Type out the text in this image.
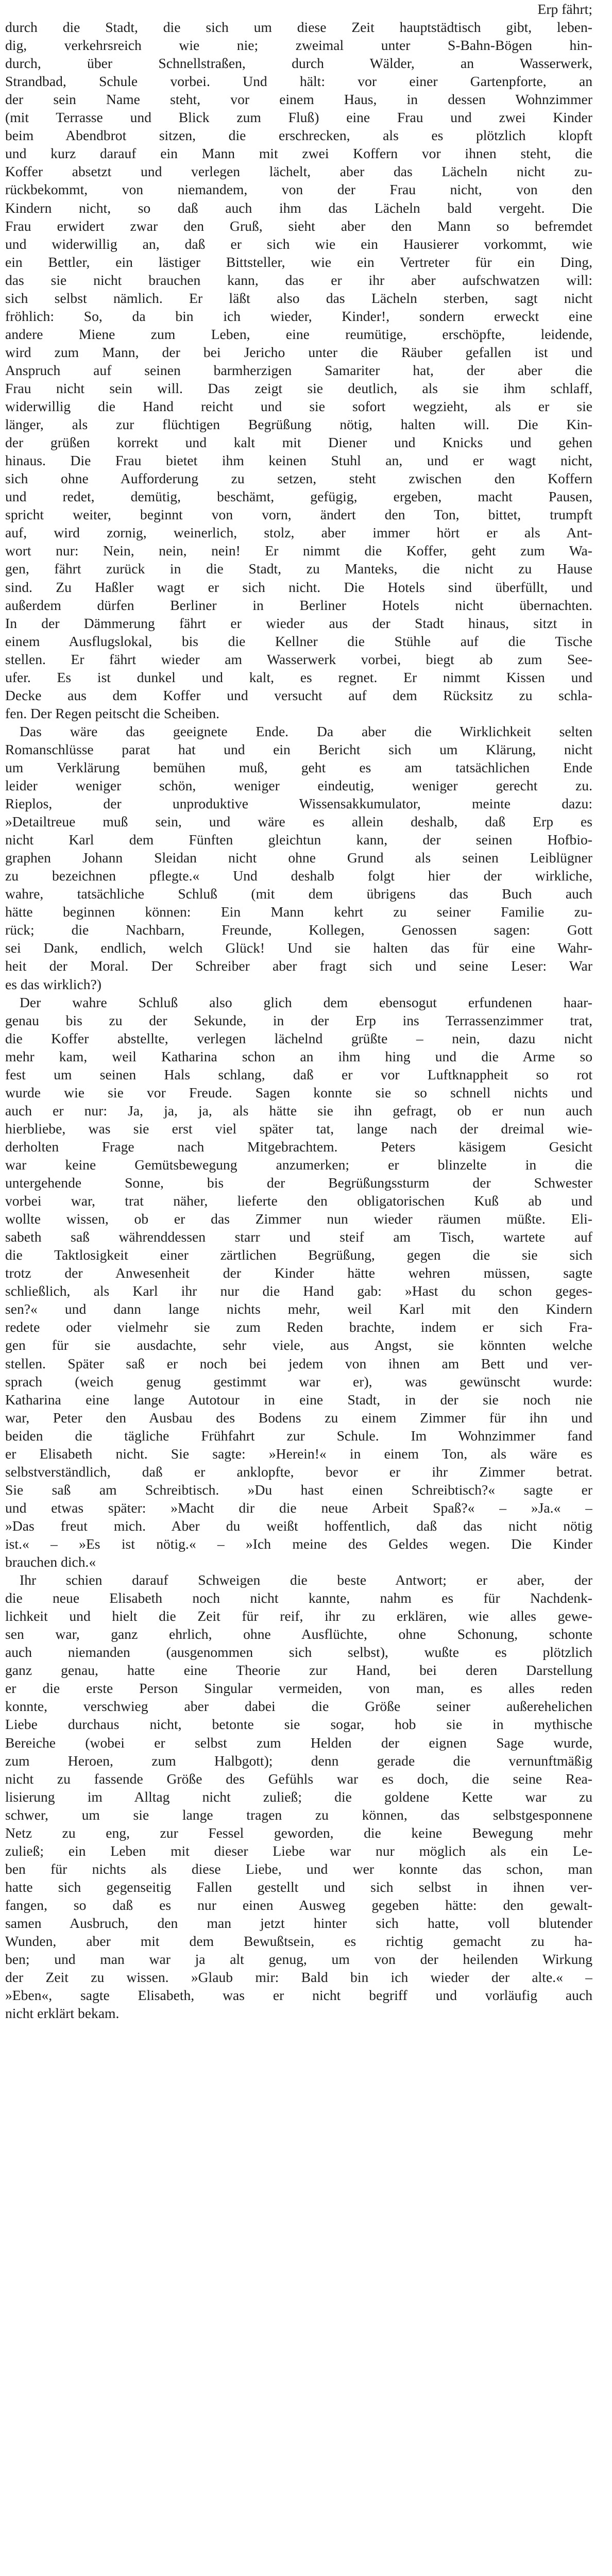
Erp fährt;
durch die Stadt, die sich um diese Zeit hauptstädtisch gibt, leben-
dig, verkehrsreich wie nie; zweimal unter S-Bahn-Bögen hin-
durch, über Schnellstraßen, durch Wälder, an Wasserwerk,
Strandbad, Schule vorbei. Und hält: vor einer Gartenpforte, an
der sein Name steht, vor einem Haus, in dessen Wohnzimmer
(mit Terrasse und Blick zum Fluß) eine Frau und zwei Kinder
beim Abendbrot sitzen, die erschrecken, als es plötzlich klopft
und kurz darauf ein Mann mit zwei Koffern vor ihnen steht, die
Koffer absetzt und verlegen lächelt, aber das Lächeln nicht zu-
rückbekommt, von niemandem, von der Frau nicht, von den
Kindern nicht, so daß auch ihm das Lächeln bald vergeht. Die
Frau erwidert zwar den Gruß, sieht aber den Mann so befremdet
und widerwillig an, daß er sich wie ein Hausierer vorkommt, wie
ein Bettler, ein lästiger Bittsteller, wie ein Vertreter für ein Ding,
das sie nicht brauchen kann, das er ihr aber aufschwatzen will:
sich selbst nämlich. Er läßt also das Lächeln sterben, sagt nicht
fröhlich: So, da bin ich wieder, Kinder!, sondern erweckt eine
andere Miene zum Leben, eine reumütige, erschöpfte, leidende,
wird zum Mann, der bei Jericho unter die Räuber gefallen ist und
Anspruch auf seinen barmherzigen Samariter hat, der aber die
Frau nicht sein will. Das zeigt sie deutlich, als sie ihm schlaff,
widerwillig die Hand reicht und sie sofort wegzieht, als er sie
länger, als zur flüchtigen Begrüßung nötig, halten will. Die Kin-
der grüßen korrekt und kalt mit Diener und Knicks und gehen
hinaus. Die Frau bietet ihm keinen Stuhl an, und er wagt nicht,
sich ohne Aufforderung zu setzen, steht zwischen den Koffern
und redet, demütig, beschämt, gefügig, ergeben, macht Pausen,
spricht weiter, beginnt von vorn, ändert den Ton, bittet, trumpft
auf, wird zornig, weinerlich, stolz, aber immer hört er als Ant-
wort nur: Nein, nein, nein! Er nimmt die Koffer, geht zum Wa-
gen, fährt zurück in die Stadt, zu Manteks, die nicht zu Hause
sind. Zu Haßler wagt er sich nicht. Die Hotels sind überfüllt, und
außerdem dürfen Berliner in Berliner Hotels nicht übernachten.
In der Dämmerung fährt er wieder aus der Stadt hinaus, sitzt in
einem Ausflugslokal, bis die Kellner die Stühle auf die Tische
stellen. Er fährt wieder am Wasserwerk vorbei, biegt ab zum See-
ufer. Es ist dunkel und kalt, es regnet. Er nimmt Kissen und
Decke aus dem Koffer und versucht auf dem Rücksitz zu schla-
fen. Der Regen peitscht die Scheiben.
Das wäre das geeignete Ende. Da aber die Wirklichkeit selten
Romanschlüsse parat hat und ein Bericht sich um Klärung, nicht
um Verklärung bemühen muß, geht es am tatsächlichen Ende
leider weniger schön, weniger eindeutig, weniger gerecht zu.
Rieplos, der unproduktive Wissensakkumulator, meinte dazu:
»Detailtreue muß sein, und wäre es allein deshalb, daß Erp es
nicht Karl dem Fünften gleichtun kann, der seinen Hofbio-
graphen Johann Sleidan nicht ohne Grund als seinen Leiblügner
zu bezeichnen pflegte.« Und deshalb folgt hier der wirkliche,
wahre, tatsächliche Schluß (mit dem übrigens das Buch auch
hätte beginnen können: Ein Mann kehrt zu seiner Familie zu-
rück; die Nachbarn, Freunde, Kollegen, Genossen sagen: Gott
sei Dank, endlich, welch Glück! Und sie halten das für eine Wahr-
heit der Moral. Der Schreiber aber fragt sich und seine Leser: War
es das wirklich?)
Der wahre Schluß also glich dem ebensogut erfundenen haar-
genau bis zu der Sekunde, in der Erp ins Terrassenzimmer trat,
die Koffer abstellte, verlegen lächelnd grüßte – nein, dazu nicht
mehr kam, weil Katharina schon an ihm hing und die Arme so
fest um seinen Hals schlang, daß er vor Luftknappheit so rot
wurde wie sie vor Freude. Sagen konnte sie so schnell nichts und
auch er nur: Ja, ja, ja, als hätte sie ihn gefragt, ob er nun auch
hierbliebe, was sie erst viel später tat, lange nach der dreimal wie-
derholten Frage nach Mitgebrachtem. Peters käsigem Gesicht
war keine Gemütsbewegung anzumerken; er blinzelte in die
untergehende Sonne, bis der Begrüßungssturm der Schwester
vorbei war, trat näher, lieferte den obligatorischen Kuß ab und
wollte wissen, ob er das Zimmer nun wieder räumen müßte. Eli-
sabeth saß währenddessen starr und steif am Tisch, wartete auf
die Taktlosigkeit einer zärtlichen Begrüßung, gegen die sie sich
trotz der Anwesenheit der Kinder hätte wehren müssen, sagte
schließlich, als Karl ihr nur die Hand gab: »Hast du schon geges-
sen?« und dann lange nichts mehr, weil Karl mit den Kindern
redete oder vielmehr sie zum Reden brachte, indem er sich Fra-
gen für sie ausdachte, sehr viele, aus Angst, sie könnten welche
stellen. Später saß er noch bei jedem von ihnen am Bett und ver-
sprach (weich genug gestimmt war er), was gewünscht wurde:
Katharina eine lange Autotour in eine Stadt, in der sie noch nie
war, Peter den Ausbau des Bodens zu einem Zimmer für ihn und
beiden die tägliche Frühfahrt zur Schule. Im Wohnzimmer fand
er Elisabeth nicht. Sie sagte: »Herein!« in einem Ton, als wäre es
selbstverständlich, daß er anklopfte, bevor er ihr Zimmer betrat.
Sie saß am Schreibtisch. »Du hast einen Schreibtisch?« sagte er
und etwas später: »Macht dir die neue Arbeit Spaß?« – »Ja.« –
»Das freut mich. Aber du weißt hoffentlich, daß das nicht nötig
ist.« – »Es ist nötig.« – »Ich meine des Geldes wegen. Die Kinder
brauchen dich.«
Ihr schien darauf Schweigen die beste Antwort; er aber, der
die neue Elisabeth noch nicht kannte, nahm es für Nachdenk-
lichkeit und hielt die Zeit für reif, ihr zu erklären, wie alles gewe-
sen war, ganz ehrlich, ohne Ausflüchte, ohne Schonung, schonte
auch niemanden (ausgenommen sich selbst), wußte es plötzlich
ganz genau, hatte eine Theorie zur Hand, bei deren Darstellung
er die erste Person Singular vermeiden, von man, es alles reden
konnte, verschwieg aber dabei die Größe seiner außerehelichen
Liebe durchaus nicht, betonte sie sogar, hob sie in mythische
Bereiche (wobei er selbst zum Helden der eignen Sage wurde,
zum Heroen, zum Halbgott); denn gerade die vernunftmäßig
nicht zu fassende Größe des Gefühls war es doch, die seine Rea-
lisierung im Alltag nicht zuließ; die goldene Kette war zu
schwer, um sie lange tragen zu können, das selbstgesponnene
Netz zu eng, zur Fessel geworden, die keine Bewegung mehr
zuließ; ein Leben mit dieser Liebe war nur möglich als ein Le-
ben für nichts als diese Liebe, und wer konnte das schon, man
hatte sich gegenseitig Fallen gestellt und sich selbst in ihnen ver-
fangen, so daß es nur einen Ausweg gegeben hätte: den gewalt-
samen Ausbruch, den man jetzt hinter sich hatte, voll blutender
Wunden, aber mit dem Bewußtsein, es richtig gemacht zu ha-
ben; und man war ja alt genug, um von der heilenden Wirkung
der Zeit zu wissen. »Glaub mir: Bald bin ich wieder der alte.« –
»Eben«, sagte Elisabeth, was er nicht begriff und vorläufig auch
nicht erklärt bekam.
